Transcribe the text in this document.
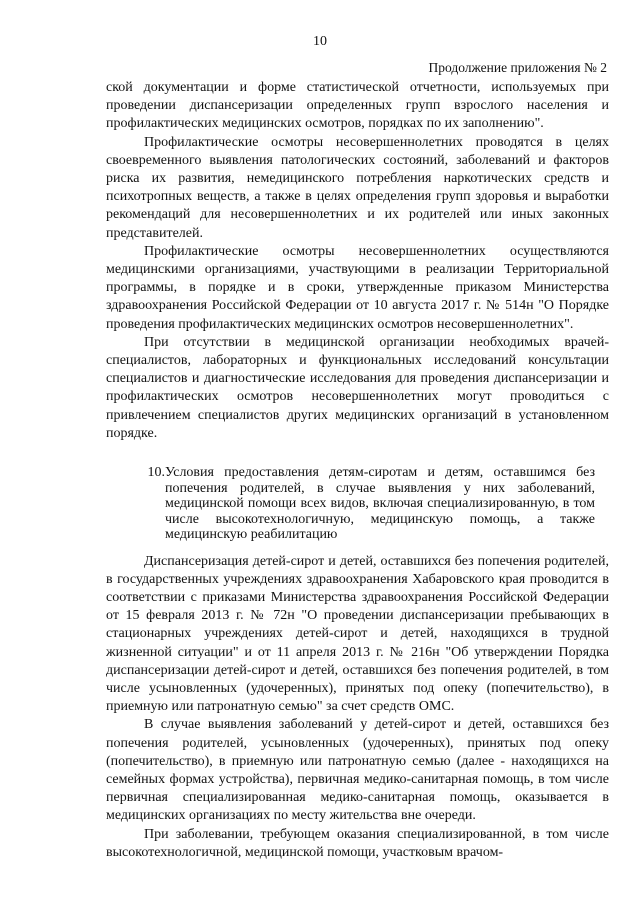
10
Продолжение приложения № 2

ской документации и форме статистической отчетности, используемых при проведении диспансеризации определенных групп взрослого населения и профилактических медицинских осмотров, порядках по их заполнению".

Профилактические осмотры несовершеннолетних проводятся в целях своевременного выявления патологических состояний, заболеваний и факторов риска их развития, немедицинского потребления наркотических средств и психотропных веществ, а также в целях определения групп здоровья и выработки рекомендаций для несовершеннолетних и их родителей или иных законных представителей.

Профилактические осмотры несовершеннолетних осуществляются медицинскими организациями, участвующими в реализации Территориальной программы, в порядке и в сроки, утвержденные приказом Министерства здравоохранения Российской Федерации от 10 августа 2017 г. № 514н "О Порядке проведения профилактических медицинских осмотров несовершеннолетних".

При отсутствии в медицинской организации необходимых врачей-специалистов, лабораторных и функциональных исследований консультации специалистов и диагностические исследования для проведения диспансеризации и профилактических осмотров несовершеннолетних могут проводиться с привлечением специалистов других медицинских организаций в установленном порядке.

10. Условия предоставления детям-сиротам и детям, оставшимся без попечения родителей, в случае выявления у них заболеваний, медицинской помощи всех видов, включая специализированную, в том числе высокотехнологичную, медицинскую помощь, а также медицинскую реабилитацию

Диспансеризация детей-сирот и детей, оставшихся без попечения родителей, в государственных учреждениях здравоохранения Хабаровского края проводится в соответствии с приказами Министерства здравоохранения Российской Федерации от 15 февраля 2013 г. № 72н "О проведении диспансеризации пребывающих в стационарных учреждениях детей-сирот и детей, находящихся в трудной жизненной ситуации" и от 11 апреля 2013 г. № 216н "Об утверждении Порядка диспансеризации детей-сирот и детей, оставшихся без попечения родителей, в том числе усыновленных (удочеренных), принятых под опеку (попечительство), в приемную или патронатную семью" за счет средств ОМС.

В случае выявления заболеваний у детей-сирот и детей, оставшихся без попечения родителей, усыновленных (удочеренных), принятых под опеку (попечительство), в приемную или патронатную семью (далее - находящихся на семейных формах устройства), первичная медико-санитарная помощь, в том числе первичная специализированная медико-санитарная помощь, оказывается в медицинских организациях по месту жительства вне очереди.

При заболевании, требующем оказания специализированной, в том числе высокотехнологичной, медицинской помощи, участковым врачом-
